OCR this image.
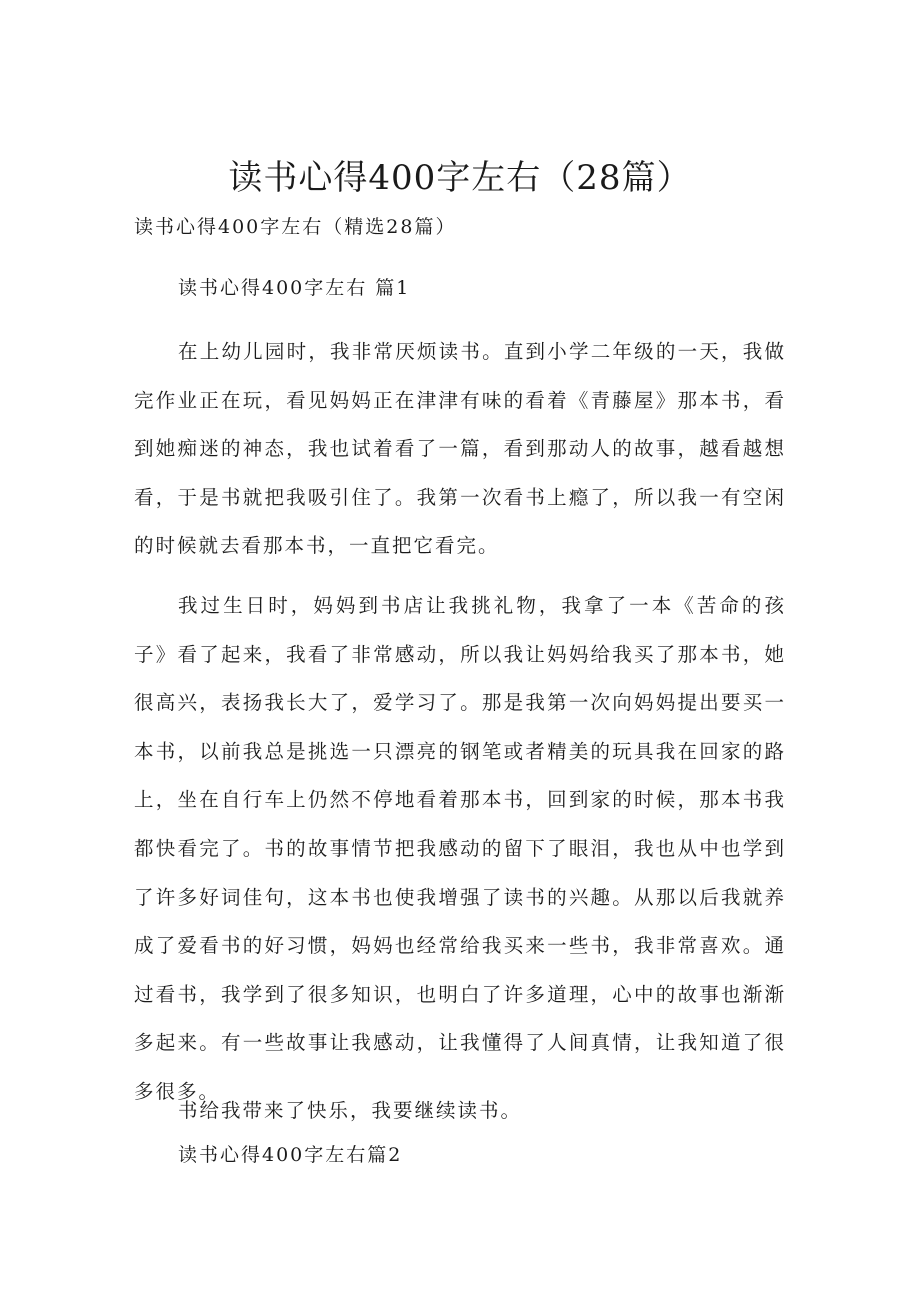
读书心得400字左右（28篇）

读书心得400字左右（精选28篇）

读书心得400字左右 篇1

在上幼儿园时，我非常厌烦读书。直到小学二年级的一天，我做完作业正在玩，看见妈妈正在津津有味的看着《青藤屋》那本书，看到她痴迷的神态，我也试着看了一篇，看到那动人的故事，越看越想看，于是书就把我吸引住了。我第一次看书上瘾了，所以我一有空闲的时候就去看那本书，一直把它看完。

我过生日时，妈妈到书店让我挑礼物，我拿了一本《苦命的孩子》看了起来，我看了非常感动，所以我让妈妈给我买了那本书，她很高兴，表扬我长大了，爱学习了。那是我第一次向妈妈提出要买一本书，以前我总是挑选一只漂亮的钢笔或者精美的玩具我在回家的路上，坐在自行车上仍然不停地看着那本书，回到家的时候，那本书我都快看完了。书的故事情节把我感动的留下了眼泪，我也从中也学到了许多好词佳句，这本书也使我增强了读书的兴趣。从那以后我就养成了爱看书的好习惯，妈妈也经常给我买来一些书，我非常喜欢。通过看书，我学到了很多知识，也明白了许多道理，心中的故事也渐渐多起来。有一些故事让我感动，让我懂得了人间真情，让我知道了很多很多。

书给我带来了快乐，我要继续读书。

读书心得400字左右篇2
